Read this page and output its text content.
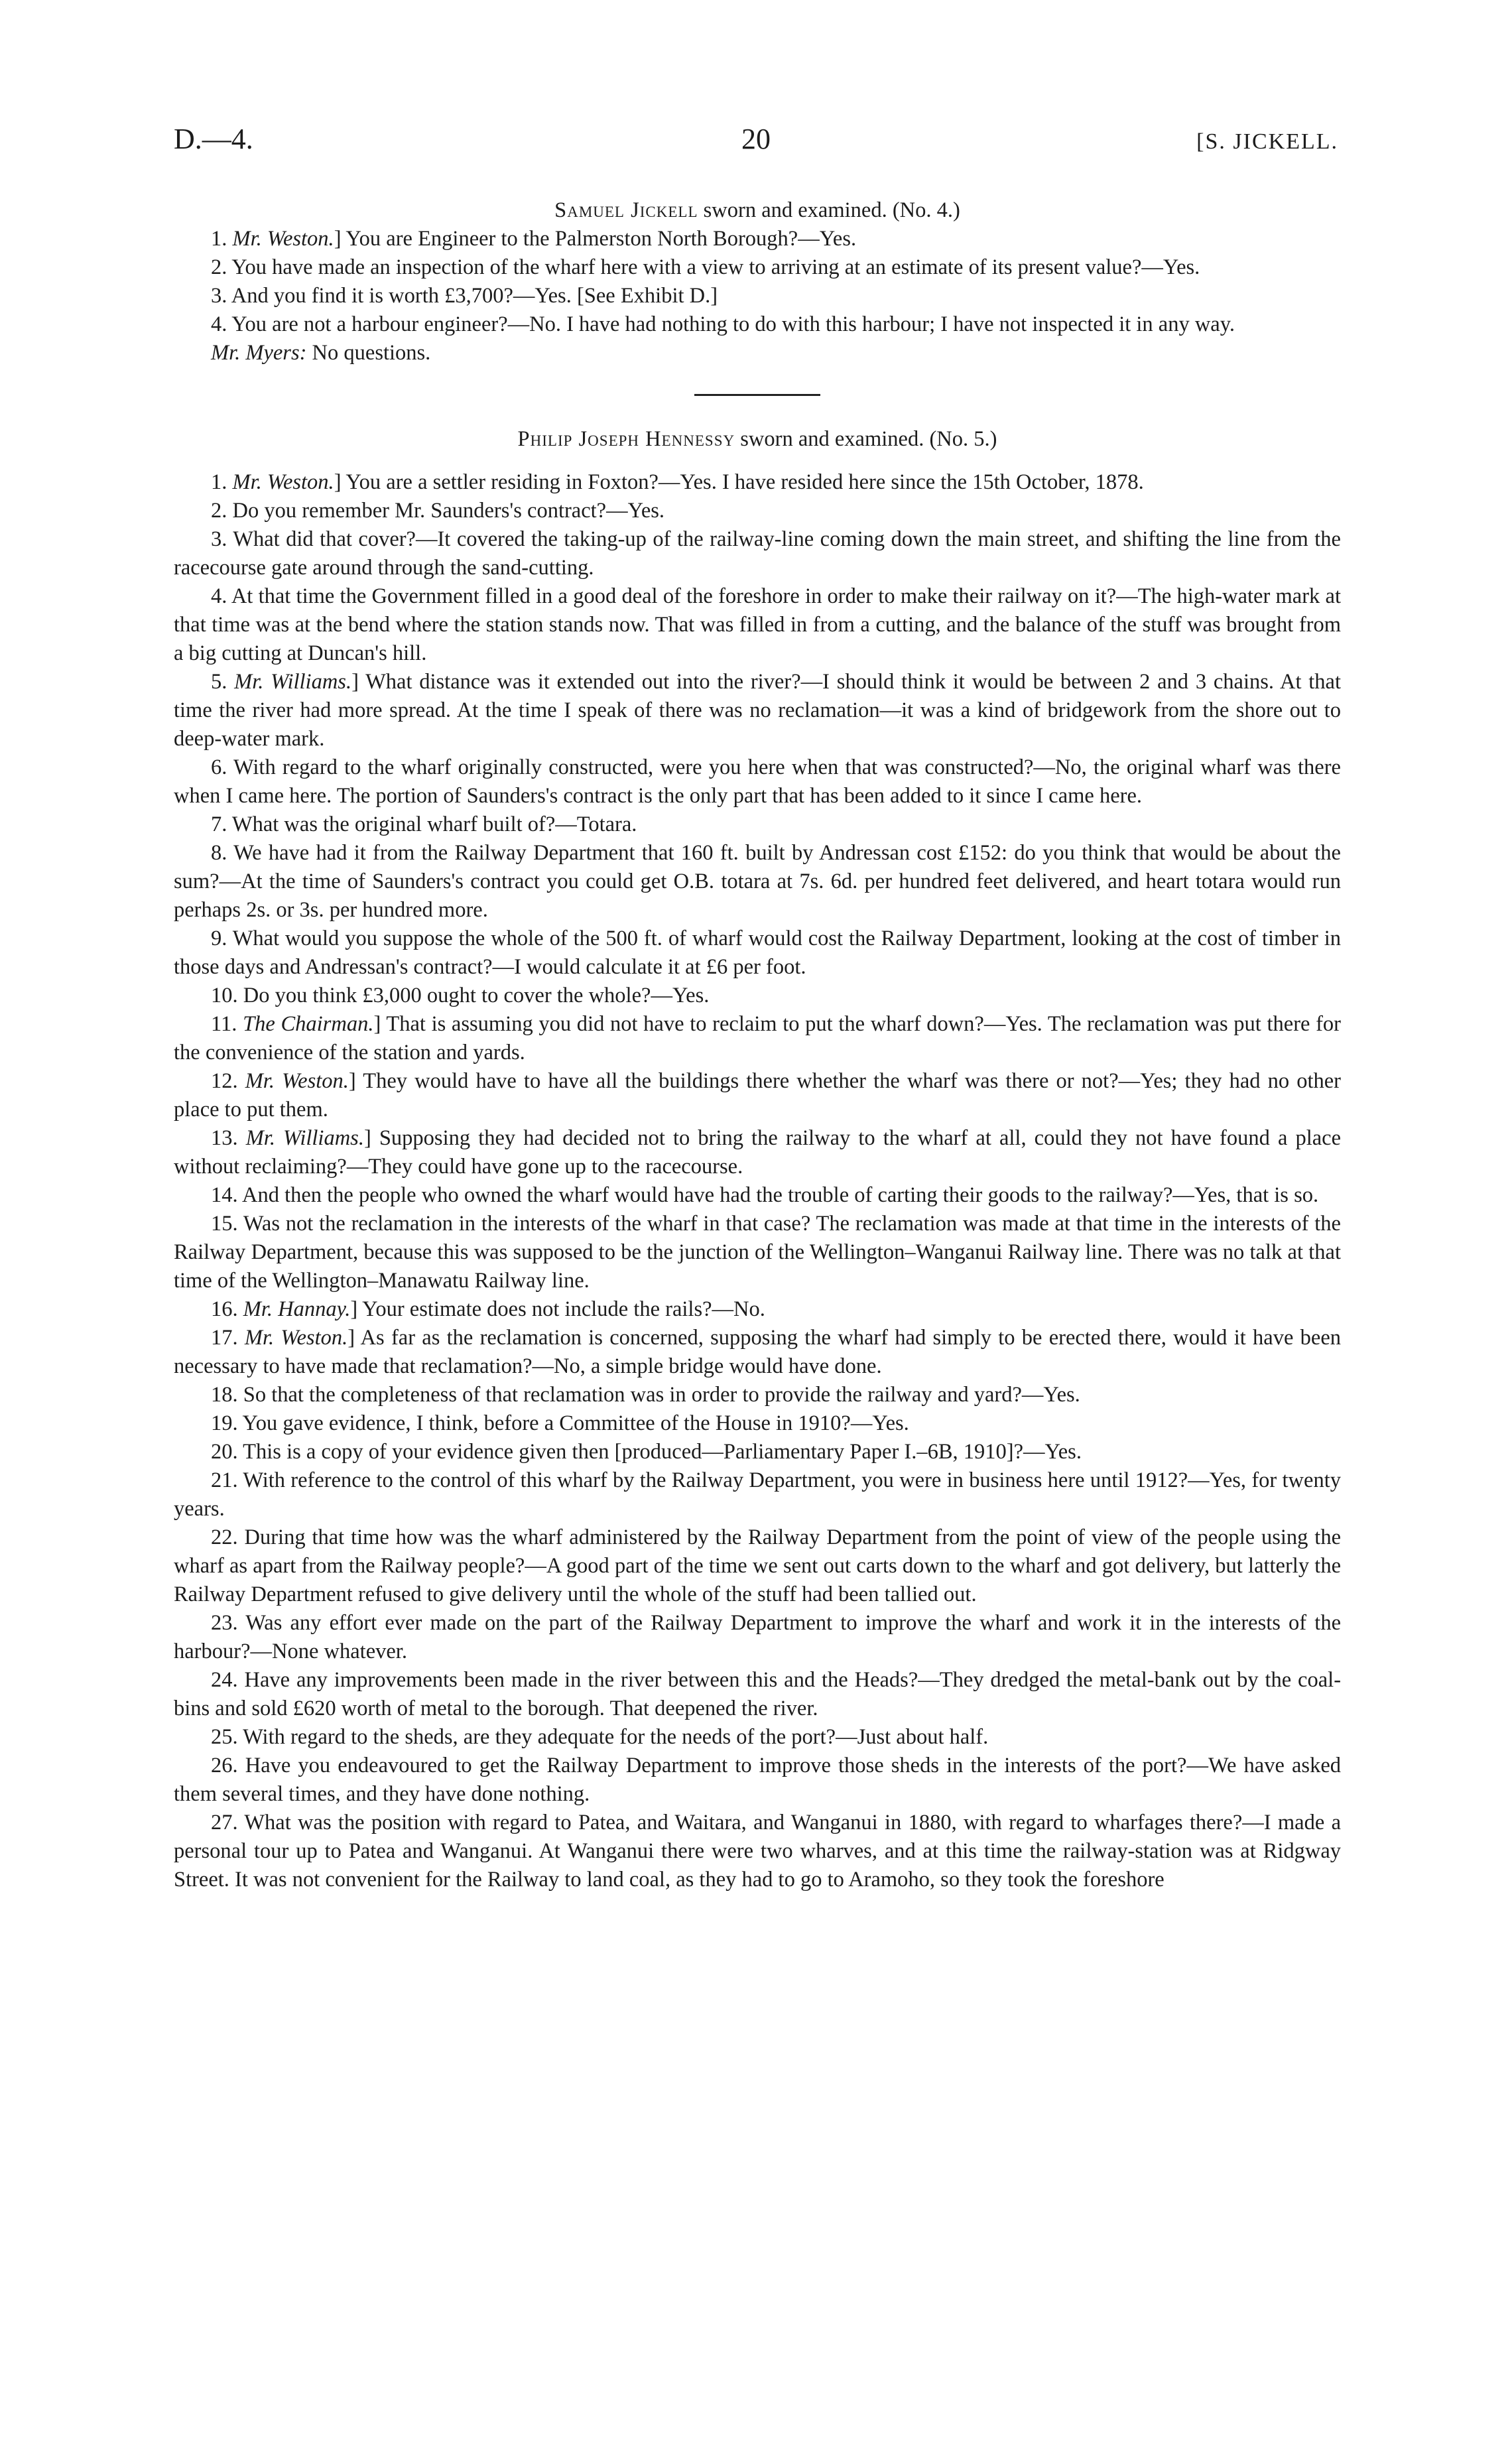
D.—4.	20	[S. JICKELL.

Samuel Jickell sworn and examined. (No. 4.)

1. Mr. Weston.] You are Engineer to the Palmerston North Borough?—Yes.

2. You have made an inspection of the wharf here with a view to arriving at an estimate of its present value?—Yes.

3. And you find it is worth £3,700?—Yes. [See Exhibit D.]

4. You are not a harbour engineer?—No. I have had nothing to do with this harbour; I have not inspected it in any way.

Mr. Myers: No questions.

Philip Joseph Hennessy sworn and examined. (No. 5.)

1. Mr. Weston.] You are a settler residing in Foxton?—Yes. I have resided here since the 15th October, 1878.

2. Do you remember Mr. Saunders's contract?—Yes.

3. What did that cover?—It covered the taking-up of the railway-line coming down the main street, and shifting the line from the racecourse gate around through the sand-cutting.

4. At that time the Government filled in a good deal of the foreshore in order to make their railway on it?—The high-water mark at that time was at the bend where the station stands now. That was filled in from a cutting, and the balance of the stuff was brought from a big cutting at Duncan's hill.

5. Mr. Williams.] What distance was it extended out into the river?—I should think it would be between 2 and 3 chains. At that time the river had more spread. At the time I speak of there was no reclamation—it was a kind of bridgework from the shore out to deep-water mark.

6. With regard to the wharf originally constructed, were you here when that was constructed?—No, the original wharf was there when I came here. The portion of Saunders's contract is the only part that has been added to it since I came here.

7. What was the original wharf built of?—Totara.

8. We have had it from the Railway Department that 160 ft. built by Andressan cost £152: do you think that would be about the sum?—At the time of Saunders's contract you could get O.B. totara at 7s. 6d. per hundred feet delivered, and heart totara would run perhaps 2s. or 3s. per hundred more.

9. What would you suppose the whole of the 500 ft. of wharf would cost the Railway Department, looking at the cost of timber in those days and Andressan's contract?—I would calculate it at £6 per foot.

10. Do you think £3,000 ought to cover the whole?—Yes.

11. The Chairman.] That is assuming you did not have to reclaim to put the wharf down?—Yes. The reclamation was put there for the convenience of the station and yards.

12. Mr. Weston.] They would have to have all the buildings there whether the wharf was there or not?—Yes; they had no other place to put them.

13. Mr. Williams.] Supposing they had decided not to bring the railway to the wharf at all, could they not have found a place without reclaiming?—They could have gone up to the racecourse.

14. And then the people who owned the wharf would have had the trouble of carting their goods to the railway?—Yes, that is so.

15. Was not the reclamation in the interests of the wharf in that case? The reclamation was made at that time in the interests of the Railway Department, because this was supposed to be the junction of the Wellington–Wanganui Railway line. There was no talk at that time of the Wellington–Manawatu Railway line.

16. Mr. Hannay.] Your estimate does not include the rails?—No.

17. Mr. Weston.] As far as the reclamation is concerned, supposing the wharf had simply to be erected there, would it have been necessary to have made that reclamation?—No, a simple bridge would have done.

18. So that the completeness of that reclamation was in order to provide the railway and yard?—Yes.

19. You gave evidence, I think, before a Committee of the House in 1910?—Yes.

20. This is a copy of your evidence given then [produced—Parliamentary Paper I.–6B, 1910]?—Yes.

21. With reference to the control of this wharf by the Railway Department, you were in business here until 1912?—Yes, for twenty years.

22. During that time how was the wharf administered by the Railway Department from the point of view of the people using the wharf as apart from the Railway people?—A good part of the time we sent out carts down to the wharf and got delivery, but latterly the Railway Department refused to give delivery until the whole of the stuff had been tallied out.

23. Was any effort ever made on the part of the Railway Department to improve the wharf and work it in the interests of the harbour?—None whatever.

24. Have any improvements been made in the river between this and the Heads?—They dredged the metal-bank out by the coal-bins and sold £620 worth of metal to the borough. That deepened the river.

25. With regard to the sheds, are they adequate for the needs of the port?—Just about half.

26. Have you endeavoured to get the Railway Department to improve those sheds in the interests of the port?—We have asked them several times, and they have done nothing.

27. What was the position with regard to Patea, and Waitara, and Wanganui in 1880, with regard to wharfages there?—I made a personal tour up to Patea and Wanganui. At Wanganui there were two wharves, and at this time the railway-station was at Ridgway Street. It was not convenient for the Railway to land coal, as they had to go to Aramoho, so they took the foreshore
